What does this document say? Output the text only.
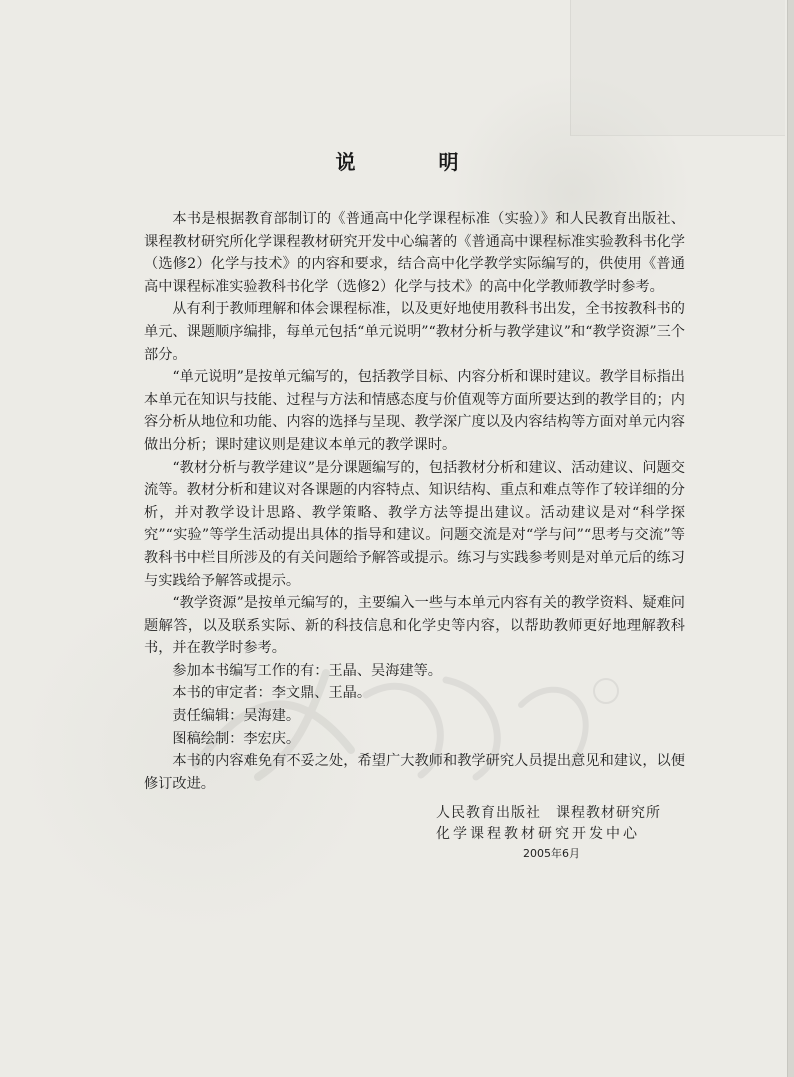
说 明

本书是根据教育部制订的《普通高中化学课程标准（实验）》和人民教育出版社、课程教材研究所化学课程教材研究开发中心编著的《普通高中课程标准实验教科书化学（选修2）化学与技术》的内容和要求，结合高中化学教学实际编写的，供使用《普通高中课程标准实验教科书化学（选修2）化学与技术》的高中化学教师教学时参考。

从有利于教师理解和体会课程标准，以及更好地使用教科书出发，全书按教科书的单元、课题顺序编排，每单元包括“单元说明”“教材分析与教学建议”和“教学资源”三个部分。

“单元说明”是按单元编写的，包括教学目标、内容分析和课时建议。教学目标指出本单元在知识与技能、过程与方法和情感态度与价值观等方面所要达到的教学目的；内容分析从地位和功能、内容的选择与呈现、教学深广度以及内容结构等方面对单元内容做出分析；课时建议则是建议本单元的教学课时。

“教材分析与教学建议”是分课题编写的，包括教材分析和建议、活动建议、问题交流等。教材分析和建议对各课题的内容特点、知识结构、重点和难点等作了较详细的分析，并对教学设计思路、教学策略、教学方法等提出建议。活动建议是对“科学探究”“实验”等学生活动提出具体的指导和建议。问题交流是对“学与问”“思考与交流”等教科书中栏目所涉及的有关问题给予解答或提示。练习与实践参考则是对单元后的练习与实践给予解答或提示。

“教学资源”是按单元编写的，主要编入一些与本单元内容有关的教学资料、疑难问题解答，以及联系实际、新的科技信息和化学史等内容，以帮助教师更好地理解教科书，并在教学时参考。

参加本书编写工作的有：王晶、吴海建等。

本书的审定者：李文鼎、王晶。

责任编辑：吴海建。

图稿绘制：李宏庆。

本书的内容难免有不妥之处，希望广大教师和教学研究人员提出意见和建议，以便修订改进。

人民教育出版社　课程教材研究所
化学课程教材研究开发中心
2005年6月
